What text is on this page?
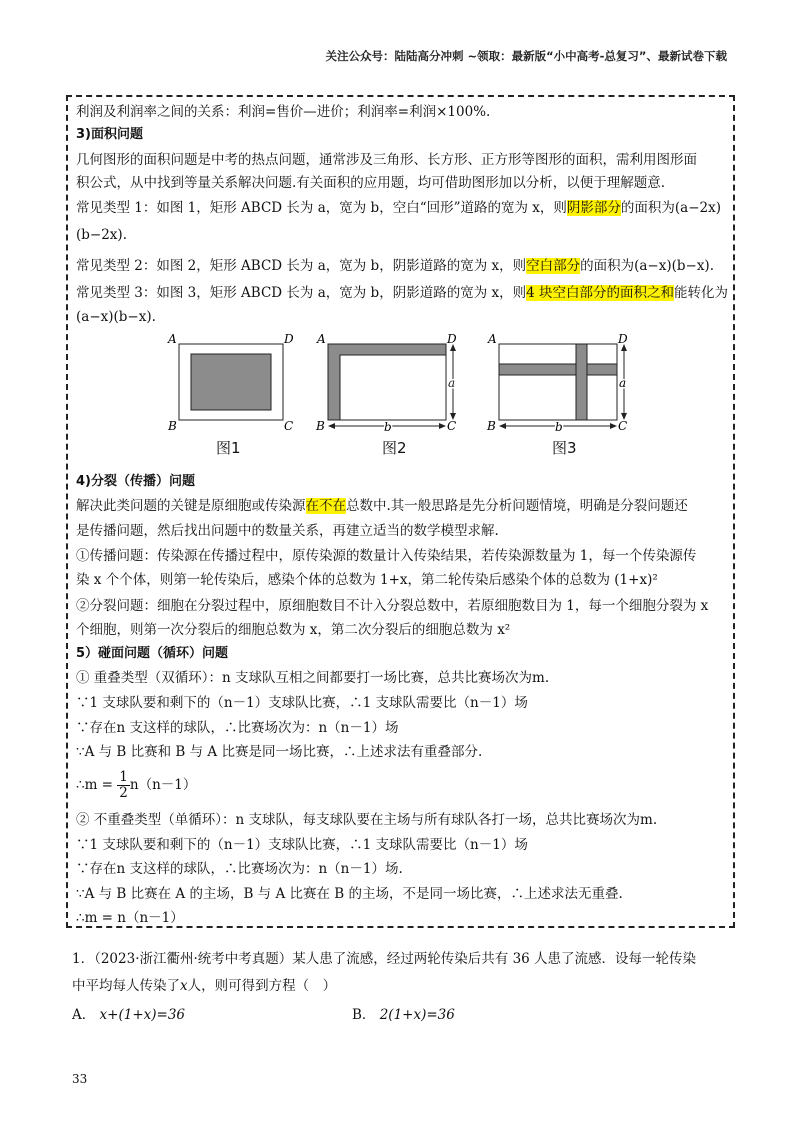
关注公众号：陆陆高分冲刺 ~领取：最新版“小中高考-总复习”、最新试卷下载
利润及利润率之间的关系：利润=售价—进价；利润率=利润×100%.
3)面积问题
几何图形的面积问题是中考的热点问题，通常涉及三角形、长方形、正方形等图形的面积，需利用图形面
积公式，从中找到等量关系解决问题.有关面积的应用题，均可借助图形加以分析，以便于理解题意.
常见类型 1：如图 1，矩形 ABCD 长为 a，宽为 b，空白“回形”道路的宽为 x，则阴影部分的面积为(a−2x)
(b−2x).
常见类型 2：如图 2，矩形 ABCD 长为 a，宽为 b，阴影道路的宽为 x，则空白部分的面积为(a−x)(b−x).
常见类型 3：如图 3，矩形 ABCD 长为 a，宽为 b，阴影道路的宽为 x，则4 块空白部分的面积之和能转化为
(a−x)(b−x).
A	D
B	C
图1
a
b
A	D
B	C
图2
a
b
A	D
B	C
图3
4)分裂（传播）问题
解决此类问题的关键是原细胞或传染源在不在总数中.其一般思路是先分析问题情境，明确是分裂问题还
是传播问题，然后找出问题中的数量关系，再建立适当的数学模型求解.
①传播问题：传染源在传播过程中，原传染源的数量计入传染结果，若传染源数量为 1，每一个传染源传
染 x 个个体，则第一轮传染后，感染个体的总数为 1+x，第二轮传染后感染个体的总数为 (1+x)²
②分裂问题：细胞在分裂过程中，原细胞数目不计入分裂总数中，若原细胞数目为 1，每一个细胞分裂为 x
个细胞，则第一次分裂后的细胞总数为 x，第二次分裂后的细胞总数为 x²
5）碰面问题（循环）问题
① 重叠类型（双循环）：n 支球队互相之间都要打一场比赛，总共比赛场次为m.
∵1 支球队要和剩下的（n－1）支球队比赛，∴1 支球队需要比（n－1）场
∵存在n 支这样的球队，∴比赛场次为：n（n－1）场
∵A 与 B 比赛和 B 与 A 比赛是同一场比赛，∴上述求法有重叠部分.
∴m = $\frac{1}{2} n(n-1)$
② 不重叠类型（单循环）：n 支球队，每支球队要在主场与所有球队各打一场，总共比赛场次为m.
∵1 支球队要和剩下的（n－1）支球队比赛，∴1 支球队需要比（n－1）场
∵存在n 支这样的球队，∴比赛场次为：n（n－1）场.
∵A 与 B 比赛在 A 的主场，B 与 A 比赛在 B 的主场，不是同一场比赛，∴上述求法无重叠.
∴m = n（n－1）
1．（2023·浙江衢州·统考中考真题）某人患了流感，经过两轮传染后共有 36 人患了流感．设每一轮传染
中平均每人传染了x人，则可得到方程（　）
A． x+(1+x)=36	B． 2(1+x)=36
33
